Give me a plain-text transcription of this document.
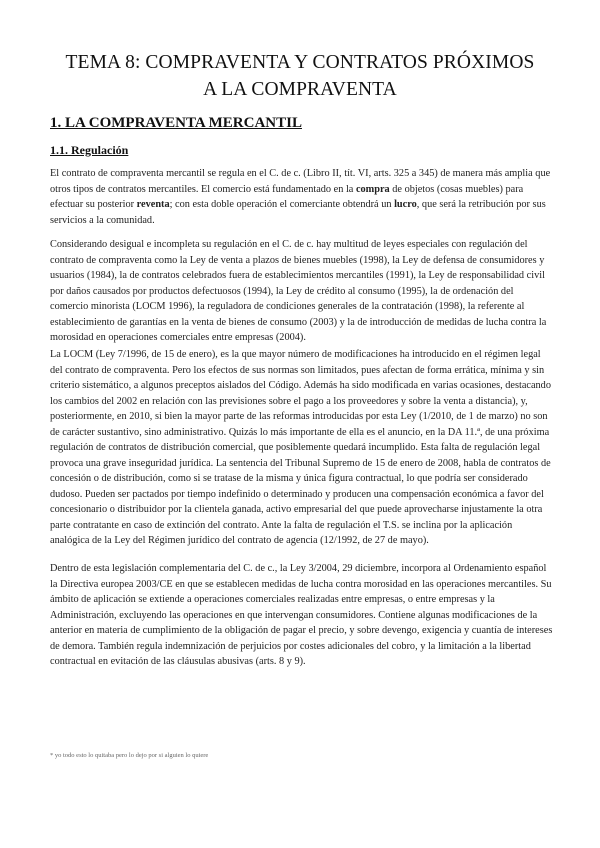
TEMA 8: COMPRAVENTA Y CONTRATOS PRÓXIMOS
A LA COMPRAVENTA
1. LA COMPRAVENTA MERCANTIL
1.1. Regulación

El contrato de compraventa mercantil se regula en el C. de c. (Libro II, tít. VI, arts. 325 a 345) de manera más amplia que otros tipos de contratos mercantiles. El comercio está fundamentado en la compra de objetos (cosas muebles) para efectuar su posterior reventa; con esta doble operación el comerciante obtendrá un lucro, que será la retribución por sus servicios a la comunidad.

Considerando desigual e incompleta su regulación en el C. de c. hay multitud de leyes especiales con regulación del contrato de compraventa como la Ley de venta a plazos de bienes muebles (1998), la Ley de defensa de consumidores y usuarios (1984), la de contratos celebrados fuera de establecimientos mercantiles (1991), la Ley de responsabilidad civil por daños causados por productos defectuosos (1994), la Ley de crédito al consumo (1995), la de ordenación del comercio minorista (LOCM 1996), la reguladora de condiciones generales de la contratación (1998), la referente al establecimiento de garantías en la venta de bienes de consumo (2003) y la de introducción de medidas de lucha contra la morosidad en operaciones comerciales entre empresas (2004).

La LOCM (Ley 7/1996, de 15 de enero), es la que mayor número de modificaciones ha introducido en el régimen legal del contrato de compraventa. Pero los efectos de sus normas son limitados, pues afectan de forma errática, mínima y sin criterio sistemático, a algunos preceptos aislados del Código. Además ha sido modificada en varias ocasiones, destacando los cambios del 2002 en relación con las previsiones sobre el pago a los proveedores y sobre la venta a distancia), y, posteriormente, en 2010, si bien la mayor parte de las reformas introducidas por esta Ley (1/2010, de 1 de marzo) no son de carácter sustantivo, sino administrativo. Quizás lo más importante de ella es el anuncio, en la DA 11.ª, de una próxima regulación de contratos de distribución comercial, que posiblemente quedará incumplido. Esta falta de regulación legal provoca una grave inseguridad jurídica. La sentencia del Tribunal Supremo de 15 de enero de 2008, habla de contratos de concesión o de distribución, como si se tratase de la misma y única figura contractual, lo que podría ser considerado dudoso. Pueden ser pactados por tiempo indefinido o determinado y producen una compensación económica a favor del concesionario o distribuidor por la clientela ganada, activo empresarial del que puede aprovecharse injustamente la otra parte contratante en caso de extinción del contrato. Ante la falta de regulación el T.S. se inclina por la aplicación analógica de la Ley del Régimen jurídico del contrato de agencia (12/1992, de 27 de mayo).

Dentro de esta legislación complementaria del C. de c., la Ley 3/2004, 29 diciembre, incorpora al Ordenamiento español la Directiva europea 2003/CE en que se establecen medidas de lucha contra morosidad en las operaciones mercantiles. Su ámbito de aplicación se extiende a operaciones comerciales realizadas entre empresas, o entre empresas y la Administración, excluyendo las operaciones en que intervengan consumidores. Contiene algunas modificaciones de la anterior en materia de cumplimiento de la obligación de pagar el precio, y sobre devengo, exigencia y cuantía de intereses de demora. También regula indemnización de perjuicios por costes adicionales del cobro, y la limitación a la libertad contractual en evitación de las cláusulas abusivas (arts. 8 y 9).

* yo todo esto lo quitaba pero lo dejo por si alguien lo quiere
